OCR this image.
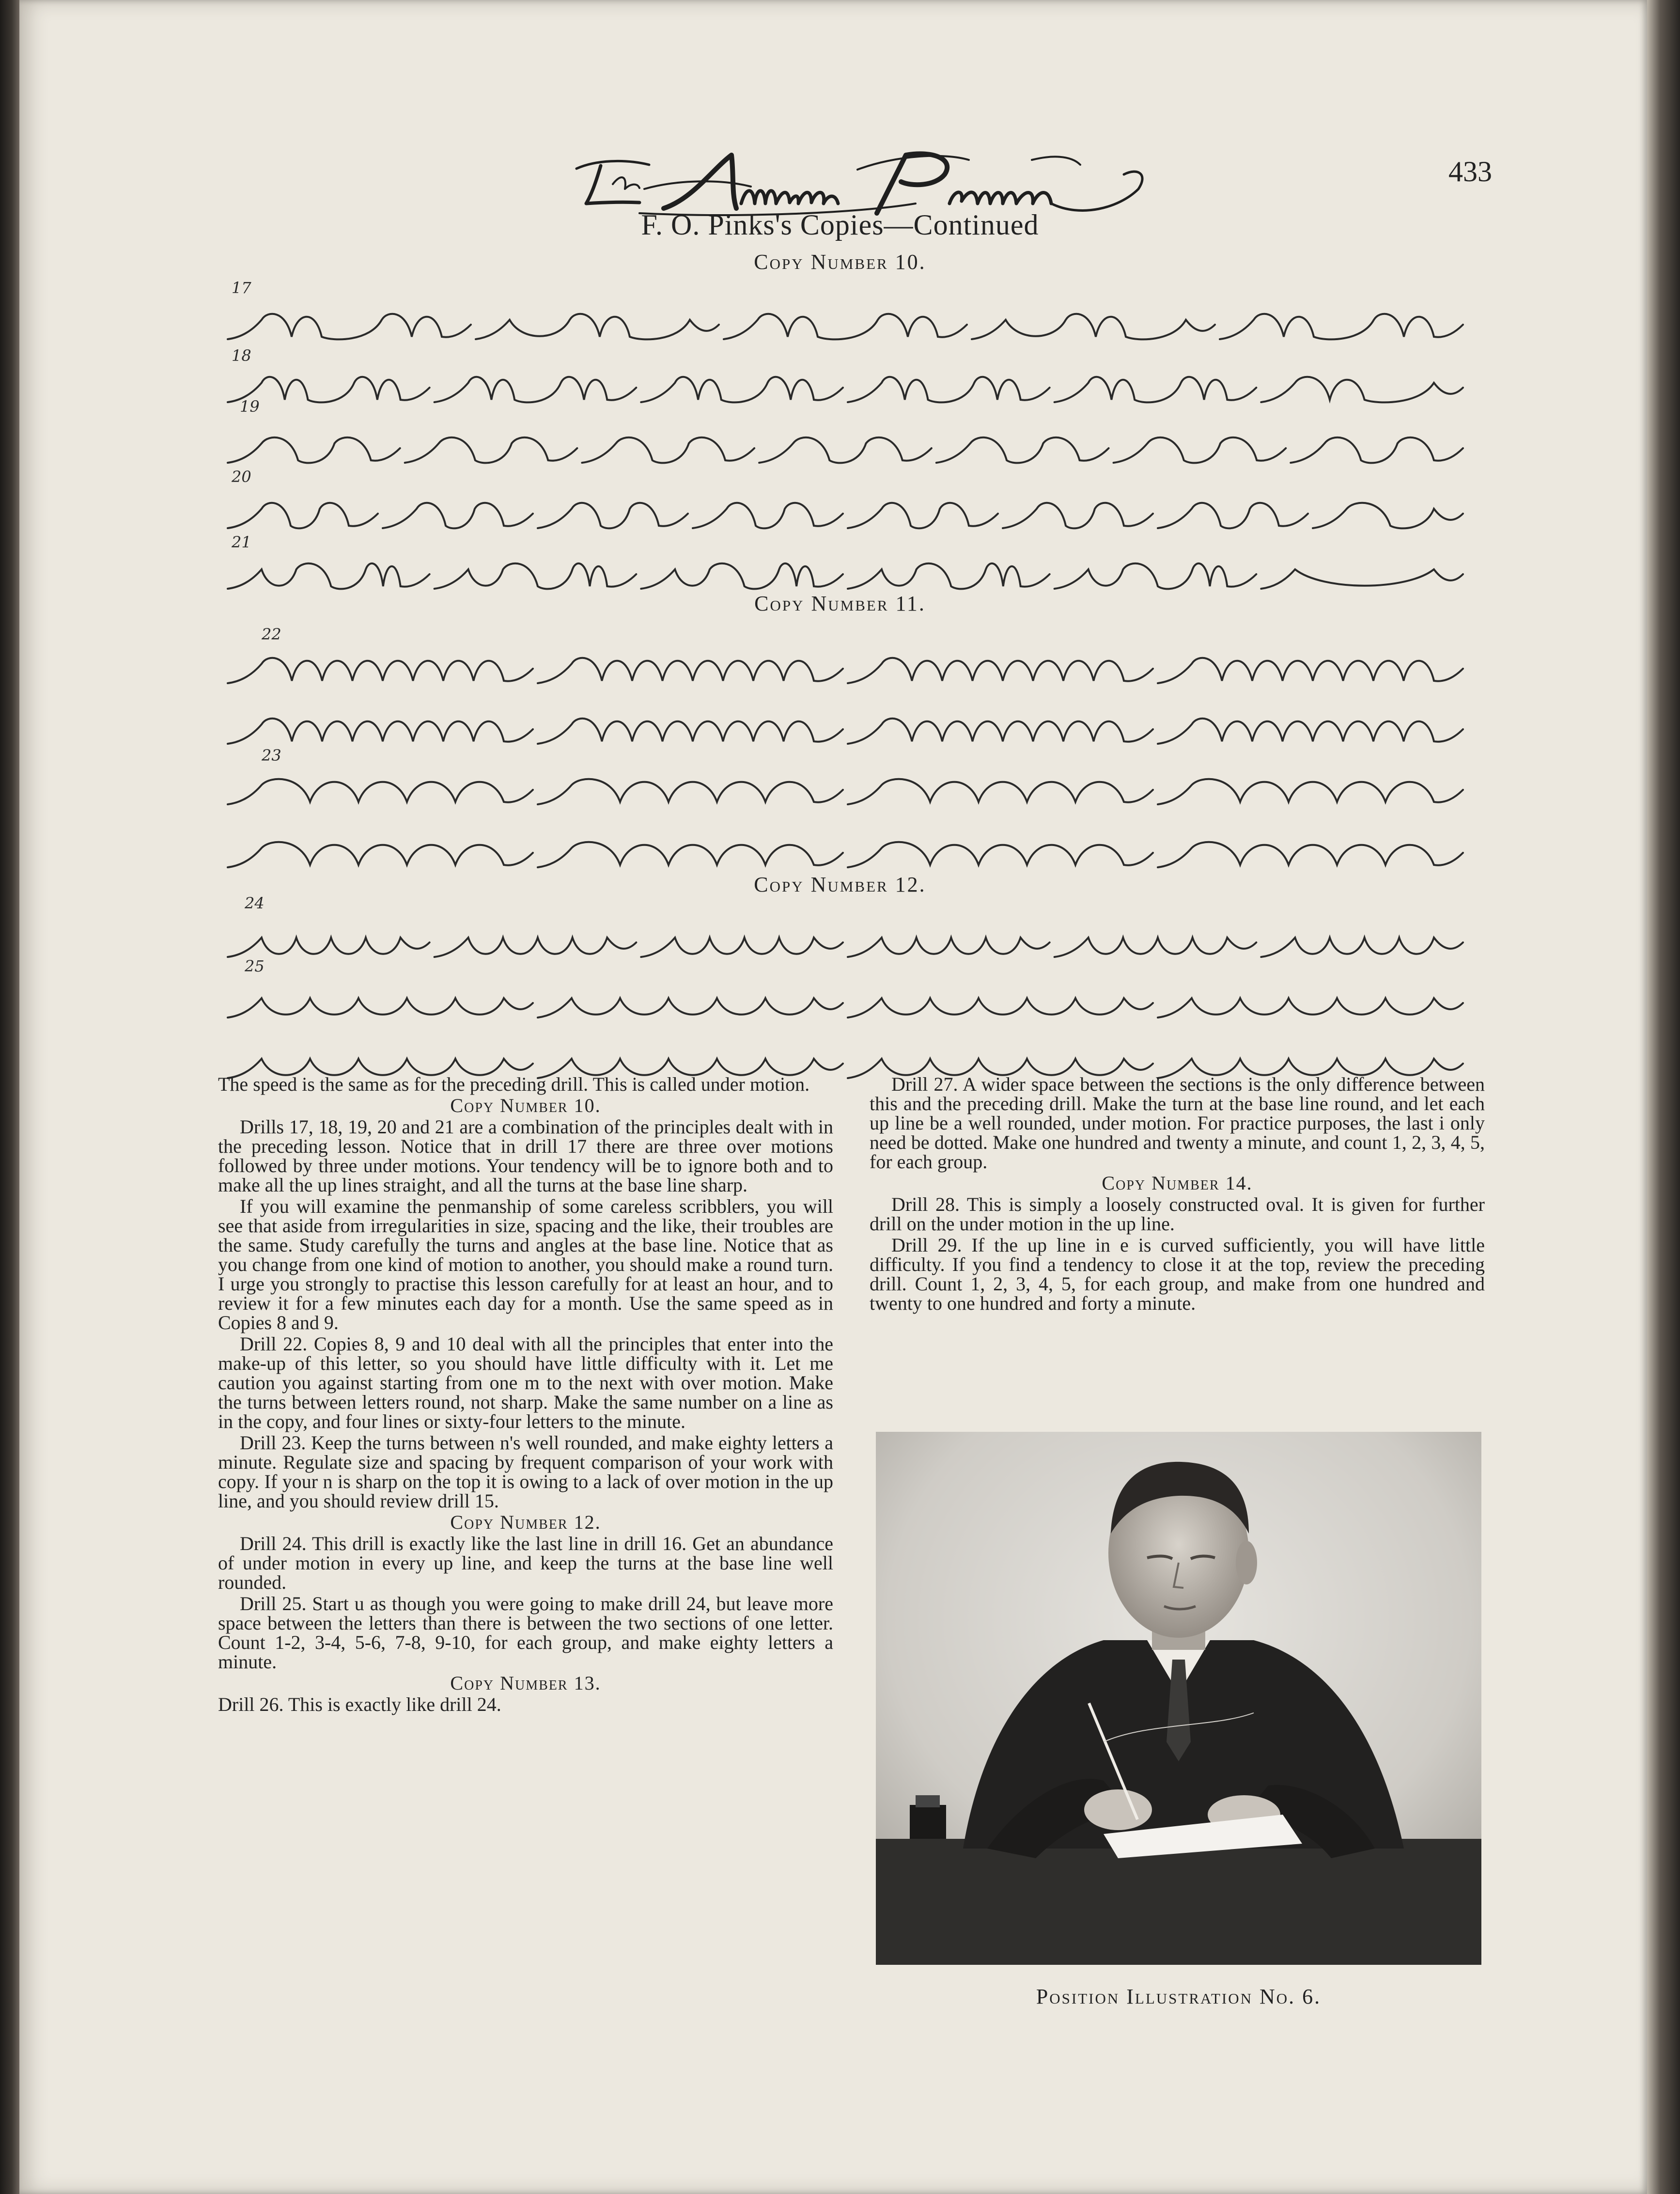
433
F. O. Pinks's Copies—Continued
Copy Number 10.
Copy Number 11.
Copy Number 12.
17
18
19
20
21
22
23
24
25

The speed is the same as for the preceding drill. This is called under motion.

Copy Number 10.

Drills 17, 18, 19, 20 and 21 are a combination of the principles dealt with in the preceding lesson. Notice that in drill 17 there are three over motions followed by three under motions. Your tendency will be to ignore both and to make all the up lines straight, and all the turns at the base line sharp.

If you will examine the penmanship of some careless scribblers, you will see that aside from irregularities in size, spacing and the like, their troubles are the same. Study carefully the turns and angles at the base line. Notice that as you change from one kind of motion to another, you should make a round turn. I urge you strongly to practise this lesson carefully for at least an hour, and to review it for a few minutes each day for a month. Use the same speed as in Copies 8 and 9.

Drill 22. Copies 8, 9 and 10 deal with all the principles that enter into the make-up of this letter, so you should have little difficulty with it. Let me caution you against starting from one m to the next with over motion. Make the turns between letters round, not sharp. Make the same number on a line as in the copy, and four lines or sixty-four letters to the minute.

Drill 23. Keep the turns between n's well rounded, and make eighty letters a minute. Regulate size and spacing by frequent comparison of your work with copy. If your n is sharp on the top it is owing to a lack of over motion in the up line, and you should review drill 15.

Copy Number 12.

Drill 24. This drill is exactly like the last line in drill 16. Get an abundance of under motion in every up line, and keep the turns at the base line well rounded.

Drill 25. Start u as though you were going to make drill 24, but leave more space between the letters than there is between the two sections of one letter. Count 1-2, 3-4, 5-6, 7-8, 9-10, for each group, and make eighty letters a minute.

Copy Number 13.

Drill 26. This is exactly like drill 24.

Drill 27. A wider space between the sections is the only difference between this and the preceding drill. Make the turn at the base line round, and let each up line be a well rounded, under motion. For practice purposes, the last i only need be dotted. Make one hundred and twenty a minute, and count 1, 2, 3, 4, 5, for each group.

Copy Number 14.

Drill 28. This is simply a loosely constructed oval. It is given for further drill on the under motion in the up line.

Drill 29. If the up line in e is curved sufficiently, you will have little difficulty. If you find a tendency to close it at the top, review the preceding drill. Count 1, 2, 3, 4, 5, for each group, and make from one hundred and twenty to one hundred and forty a minute.

Position Illustration No. 6.
